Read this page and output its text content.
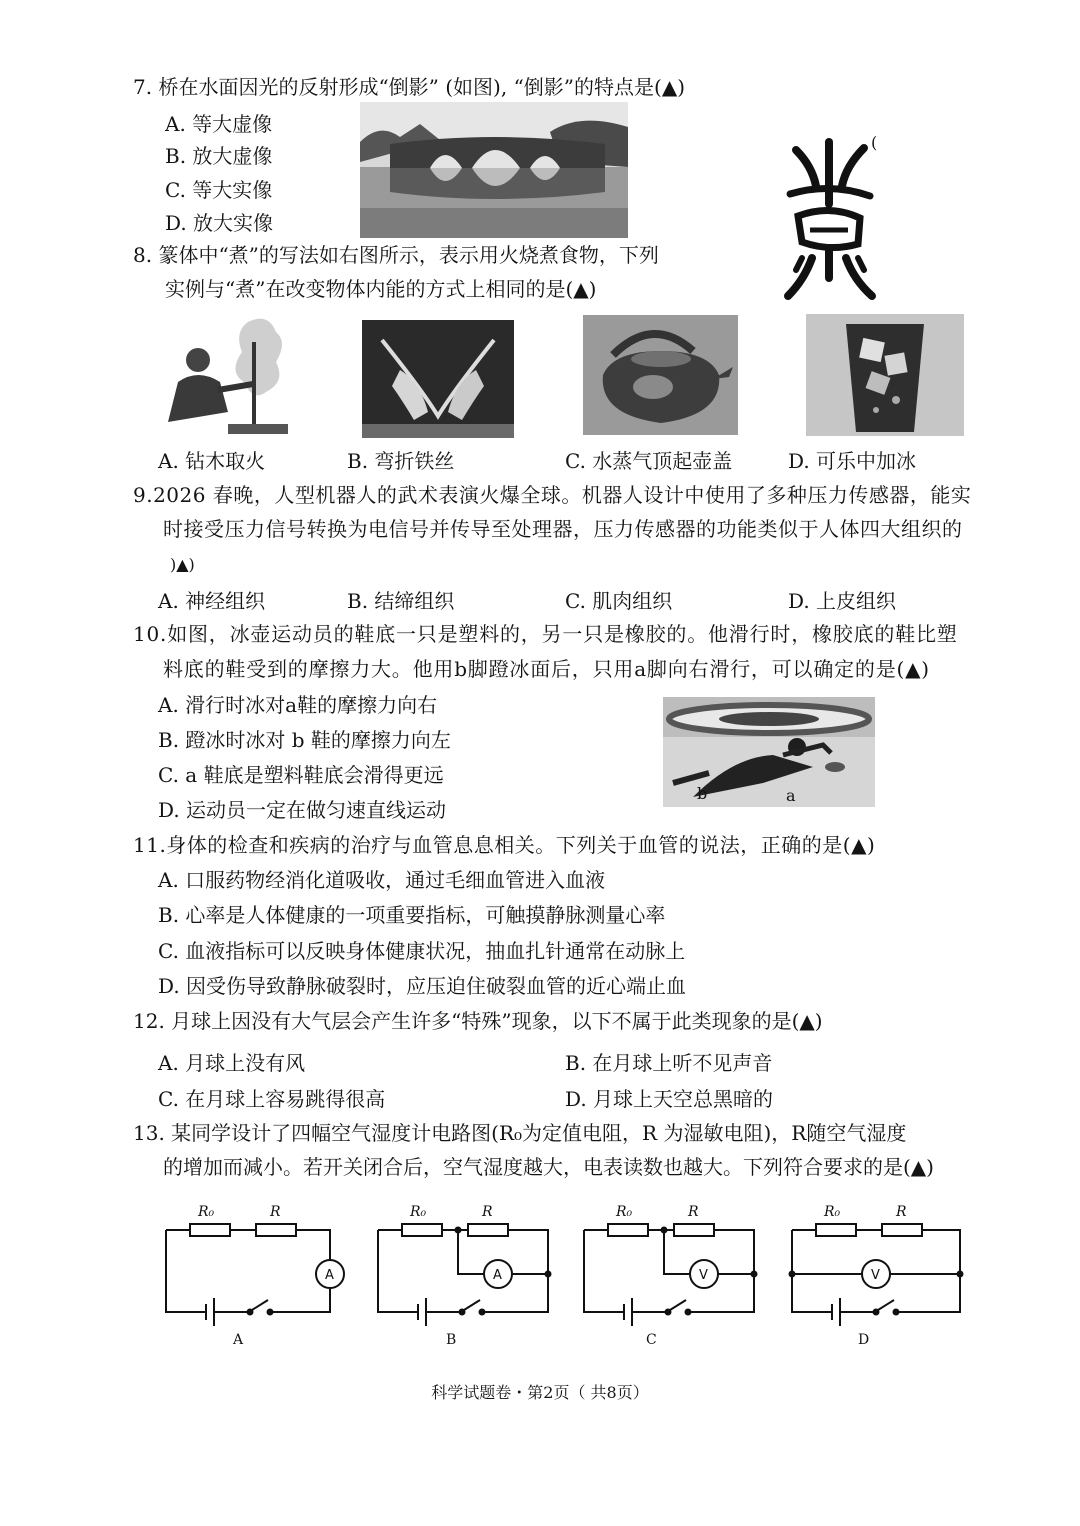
7. 桥在水面因光的反射形成“倒影” (如图), “倒影”的特点是(▲)
A. 等大虚像
B. 放大虚像
C. 等大实像
D. 放大实像
(
8. 篆体中“煮”的写法如右图所示，表示用火烧煮食物，下列
实例与“煮”在改变物体内能的方式上相同的是(▲)
A. 钻木取火	B. 弯折铁丝	C. 水蒸气顶起壶盖	D. 可乐中加冰
9.2026 春晚，人型机器人的武术表演火爆全球。机器人设计中使用了多种压力传感器，能实
时接受压力信号转换为电信号并传导至处理器，压力传感器的功能类似于人体四大组织的
)▲)
A. 神经组织	B. 结缔组织	C. 肌肉组织	D. 上皮组织
10.如图，冰壶运动员的鞋底一只是塑料的，另一只是橡胶的。他滑行时，橡胶底的鞋比塑
料底的鞋受到的摩擦力大。他用b脚蹬冰面后，只用a脚向右滑行，可以确定的是(▲)
A. 滑行时冰对a鞋的摩擦力向右
B. 蹬冰时冰对 b 鞋的摩擦力向左
C. a 鞋底是塑料鞋底会滑得更远
D. 运动员一定在做匀速直线运动
b	a
11.身体的检查和疾病的治疗与血管息息相关。下列关于血管的说法，正确的是(▲)
A. 口服药物经消化道吸收，通过毛细血管进入血液
B. 心率是人体健康的一项重要指标，可触摸静脉测量心率
C. 血液指标可以反映身体健康状况，抽血扎针通常在动脉上
D. 因受伤导致静脉破裂时，应压迫住破裂血管的近心端止血
12. 月球上因没有大气层会产生许多“特殊”现象，以下不属于此类现象的是(▲)
A. 月球上没有风	B. 在月球上听不见声音
C. 在月球上容易跳得很高	D. 月球上天空总黑暗的
13. 某同学设计了四幅空气湿度计电路图(R₀为定值电阻，R 为湿敏电阻)，R随空气湿度
的增加而减小。若开关闭合后，空气湿度越大，电表读数也越大。下列符合要求的是(▲)
R₀	R
A
A
R₀	R
A
B
R₀	R
V
C
R₀	R
V
D
科学试题卷・第2页（ 共8页）
